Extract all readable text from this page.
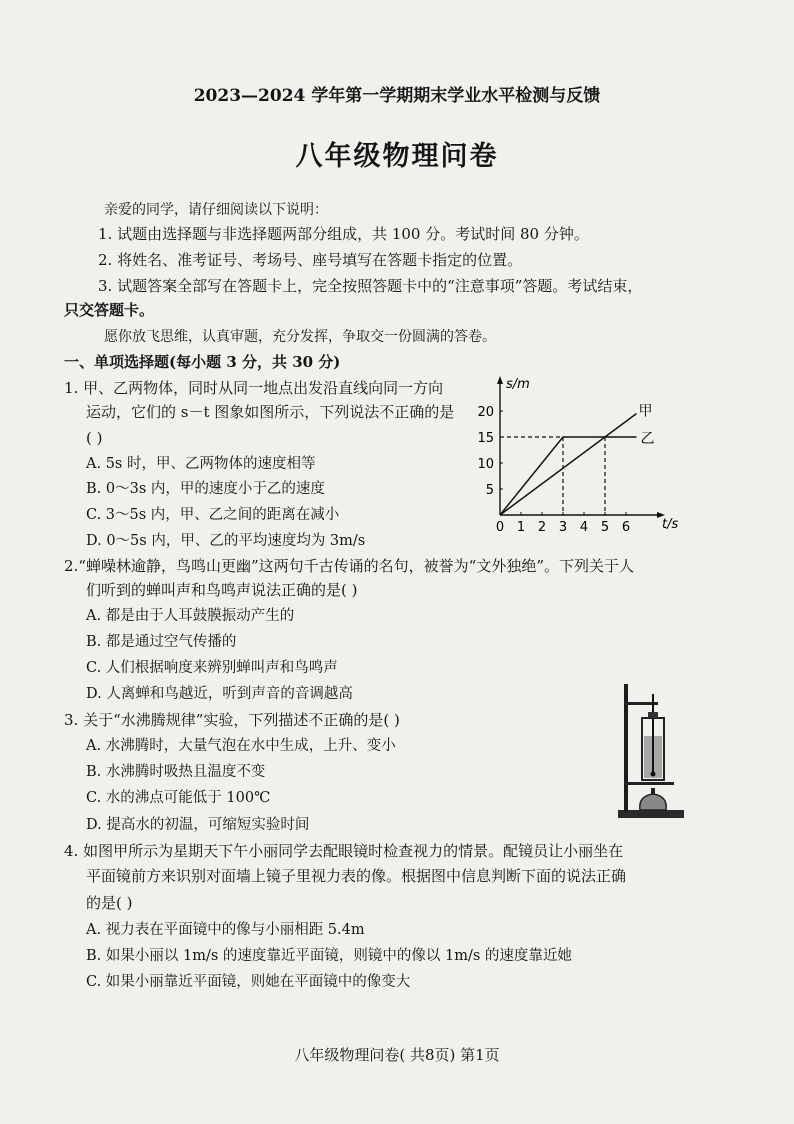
2023—2024 学年第一学期期末学业水平检测与反馈
八年级物理问卷
亲爱的同学，请仔细阅读以下说明：
1. 试题由选择题与非选择题两部分组成，共 100 分。考试时间 80 分钟。
2. 将姓名、准考证号、考场号、座号填写在答题卡指定的位置。
3. 试题答案全部写在答题卡上，完全按照答题卡中的“注意事项”答题。考试结束，
只交答题卡。
愿你放飞思维，认真审题，充分发挥，争取交一份圆满的答卷。
一、单项选择题(每小题 3 分，共 30 分)
1. 甲、乙两物体，同时从同一地点出发沿直线向同一方向
运动，它们的 s－t 图象如图所示，下列说法不正确的是
( )
A. 5s 时，甲、乙两物体的速度相等
B. 0～3s 内，甲的速度小于乙的速度
C. 3～5s 内，甲、乙之间的距离在减小
D. 0～5s 内，甲、乙的平均速度均为 3m/s
s/m
t/s
5
10
15
20
0 1 2 3 4 5 6
甲
乙
2.“蝉噪林逾静，鸟鸣山更幽”这两句千古传诵的名句，被誉为“文外独绝”。下列关于人
们听到的蝉叫声和鸟鸣声说法正确的是( )
A. 都是由于人耳鼓膜振动产生的
B. 都是通过空气传播的
C. 人们根据响度来辨别蝉叫声和鸟鸣声
D. 人离蝉和鸟越近，听到声音的音调越高
3. 关于“水沸腾规律”实验，下列描述不正确的是( )
A. 水沸腾时，大量气泡在水中生成，上升、变小
B. 水沸腾时吸热且温度不变
C. 水的沸点可能低于 100℃
D. 提高水的初温，可缩短实验时间
4. 如图甲所示为星期天下午小丽同学去配眼镜时检查视力的情景。配镜员让小丽坐在
平面镜前方来识别对面墙上镜子里视力表的像。根据图中信息判断下面的说法正确
的是( )
A. 视力表在平面镜中的像与小丽相距 5.4m
B. 如果小丽以 1m/s 的速度靠近平面镜，则镜中的像以 1m/s 的速度靠近她
C. 如果小丽靠近平面镜，则她在平面镜中的像变大
八年级物理问卷( 共8页) 第1页
